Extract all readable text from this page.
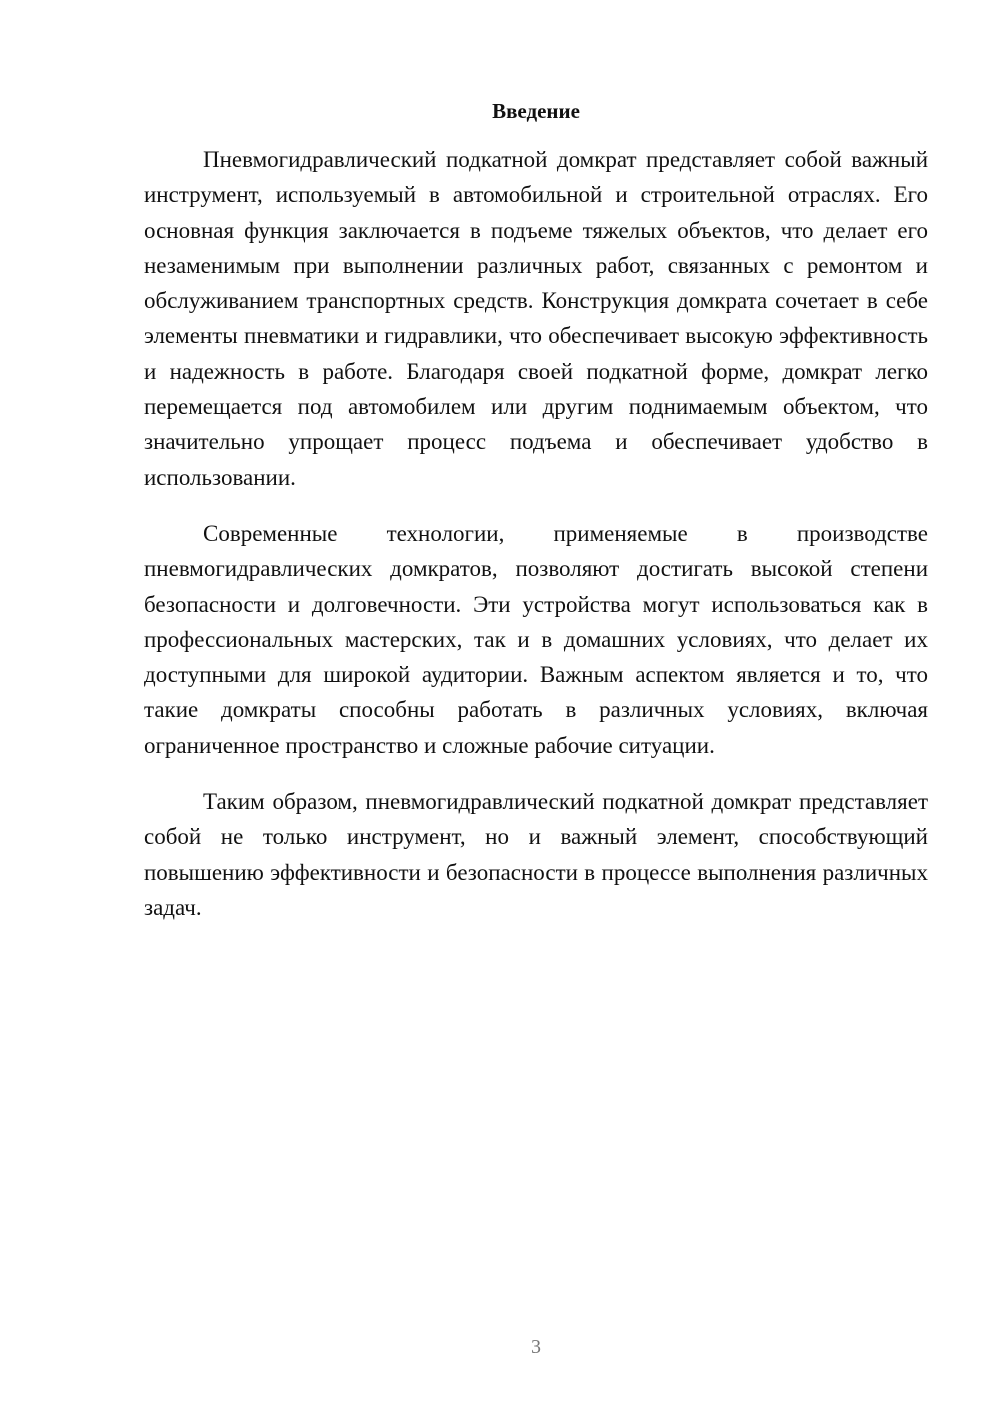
Введение

Пневмогидравлический подкатной домкрат представляет собой важный инструмент, используемый в автомобильной и строительной отраслях. Его основная функция заключается в подъеме тяжелых объектов, что делает его незаменимым при выполнении различных работ, связанных с ремонтом и обслуживанием транспортных средств. Конструкция домкрата сочетает в себе элементы пневматики и гидравлики, что обеспечивает высокую эффективность и надежность в работе. Благодаря своей подкатной форме, домкрат легко перемещается под автомобилем или другим поднимаемым объектом, что значительно упрощает процесс подъема и обеспечивает удобство в использовании.

Современные технологии, применяемые в производстве пневмогидравлических домкратов, позволяют достигать высокой степени безопасности и долговечности. Эти устройства могут использоваться как в профессиональных мастерских, так и в домашних условиях, что делает их доступными для широкой аудитории. Важным аспектом является и то, что такие домкраты способны работать в различных условиях, включая ограниченное пространство и сложные рабочие ситуации.

Таким образом, пневмогидравлический подкатной домкрат представляет собой не только инструмент, но и важный элемент, способствующий повышению эффективности и безопасности в процессе выполнения различных задач.

3
